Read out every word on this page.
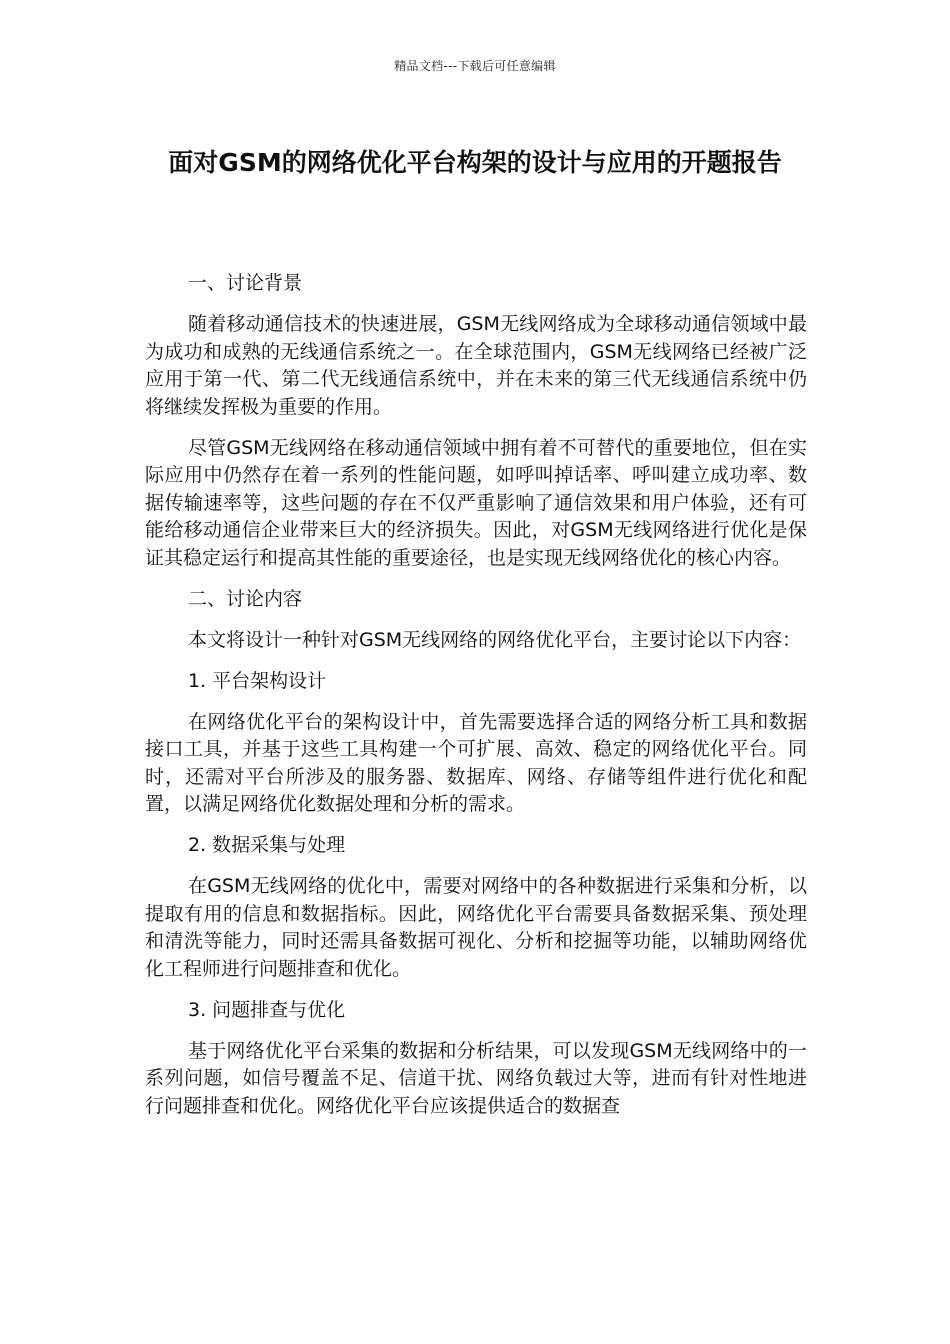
精品文档---下载后可任意编辑
面对GSM的网络优化平台构架的设计与应用的开题报告
一、讨论背景

随着移动通信技术的快速进展，GSM无线网络成为全球移动通信领域中最为成功和成熟的无线通信系统之一。在全球范围内，GSM无线网络已经被广泛应用于第一代、第二代无线通信系统中，并在未来的第三代无线通信系统中仍将继续发挥极为重要的作用。

尽管GSM无线网络在移动通信领域中拥有着不可替代的重要地位，但在实际应用中仍然存在着一系列的性能问题，如呼叫掉话率、呼叫建立成功率、数据传输速率等，这些问题的存在不仅严重影响了通信效果和用户体验，还有可能给移动通信企业带来巨大的经济损失。因此，对GSM无线网络进行优化是保证其稳定运行和提高其性能的重要途径，也是实现无线网络优化的核心内容。

二、讨论内容

本文将设计一种针对GSM无线网络的网络优化平台，主要讨论以下内容：

1. 平台架构设计

在网络优化平台的架构设计中，首先需要选择合适的网络分析工具和数据接口工具，并基于这些工具构建一个可扩展、高效、稳定的网络优化平台。同时，还需对平台所涉及的服务器、数据库、网络、存储等组件进行优化和配置，以满足网络优化数据处理和分析的需求。

2. 数据采集与处理

在GSM无线网络的优化中，需要对网络中的各种数据进行采集和分析，以提取有用的信息和数据指标。因此，网络优化平台需要具备数据采集、预处理和清洗等能力，同时还需具备数据可视化、分析和挖掘等功能，以辅助网络优化工程师进行问题排查和优化。

3. 问题排查与优化

基于网络优化平台采集的数据和分析结果，可以发现GSM无线网络中的一系列问题，如信号覆盖不足、信道干扰、网络负载过大等，进而有针对性地进行问题排查和优化。网络优化平台应该提供适合的数据查
